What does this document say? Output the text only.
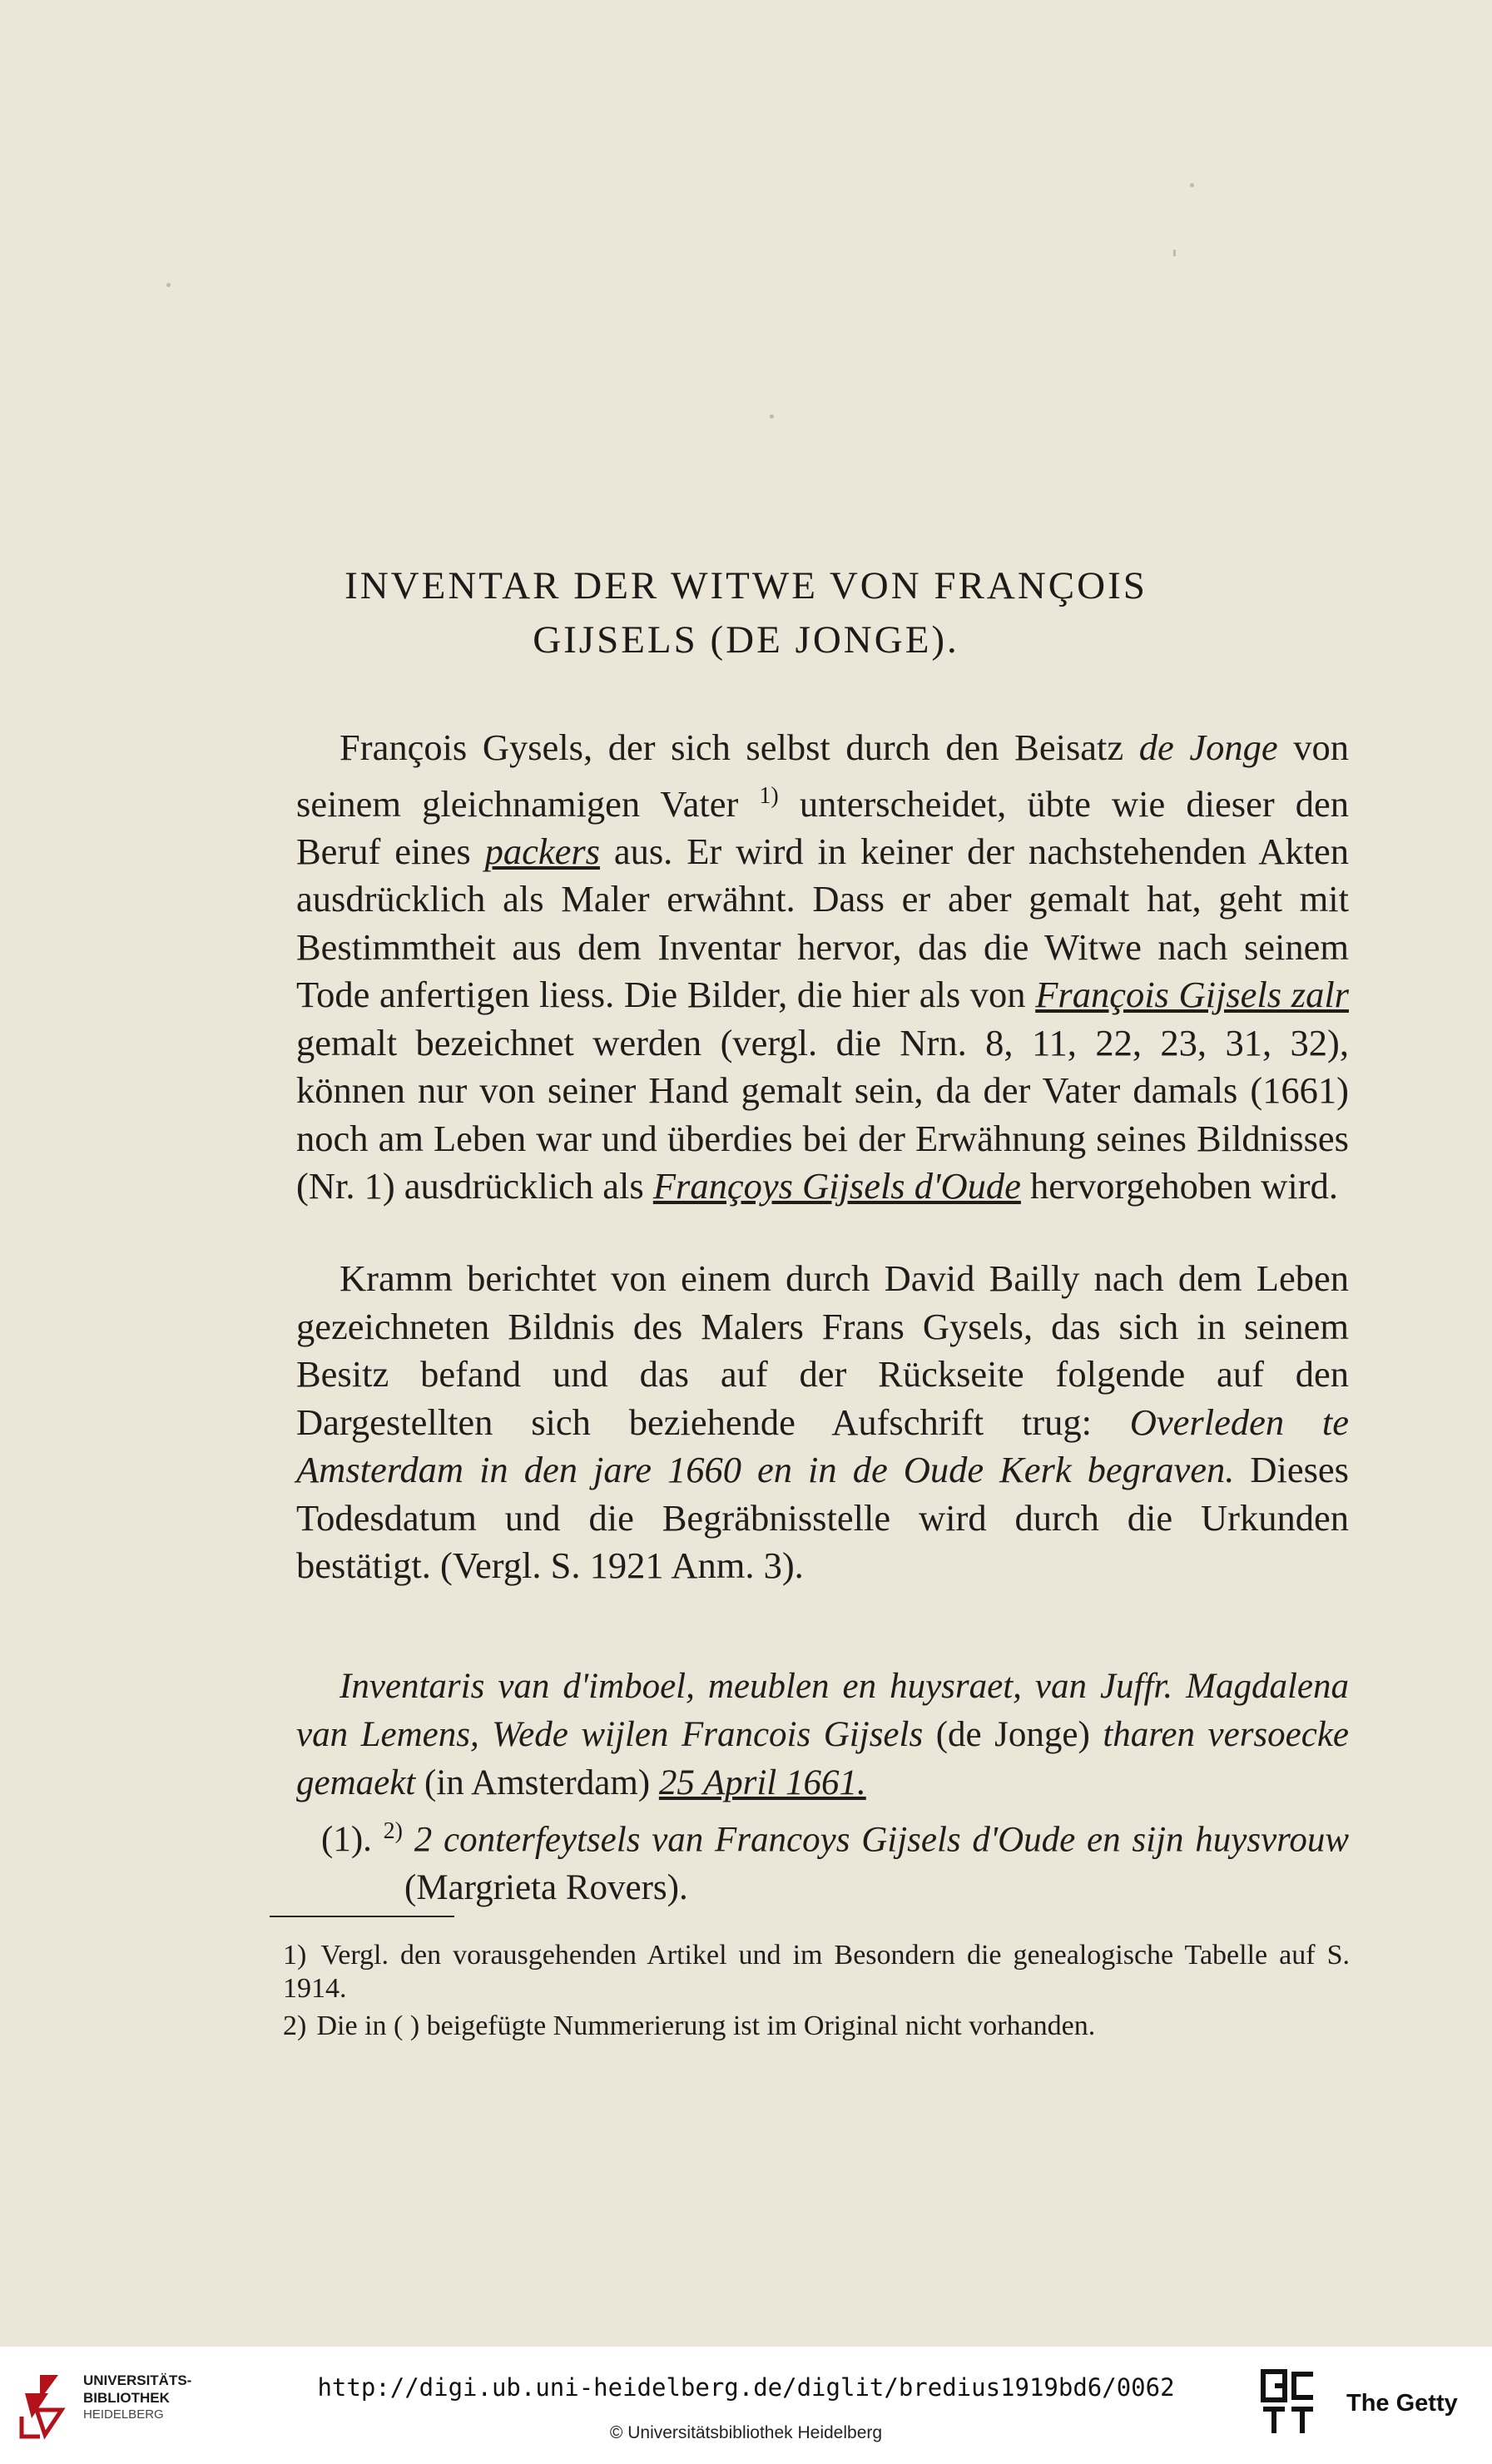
INVENTAR DER WITWE VON FRANÇOIS
GIJSELS (DE JONGE).

François Gysels, der sich selbst durch den Beisatz de Jonge von seinem gleichnamigen Vater $^{1)}$ unterscheidet, übte wie dieser den Beruf eines packers aus. Er wird in keiner der nachstehenden Akten ausdrücklich als Maler erwähnt. Dass er aber gemalt hat, geht mit Bestimmtheit aus dem Inventar hervor, das die Witwe nach seinem Tode anfertigen liess. Die Bilder, die hier als von François Gijsels zalr gemalt bezeichnet werden (vergl. die Nrn. 8, 11, 22, 23, 31, 32), können nur von seiner Hand gemalt sein, da der Vater damals (1661) noch am Leben war und überdies bei der Erwähnung seines Bildnisses (Nr. 1) ausdrücklich als Françoys Gijsels d'Oude hervorgehoben wird.

Kramm berichtet von einem durch David Bailly nach dem Leben gezeichneten Bildnis des Malers Frans Gysels, das sich in seinem Besitz befand und das auf der Rückseite folgende auf den Dargestellten sich beziehende Aufschrift trug: Overleden te Amsterdam in den jare 1660 en in de Oude Kerk begraven. Dieses Todesdatum und die Begräbnisstelle wird durch die Urkunden bestätigt. (Vergl. S. 1921 Anm. 3).

Inventaris van d'imboel, meublen en huysraet, van Juffr. Magdalena van Lemens, Wede wijlen Francois Gijsels (de Jonge) tharen versoecke gemaekt (in Amsterdam) 25 April 1661.

(1). $^{2)}$ 2 conterfeytsels van Francoys Gijsels d'Oude en sijn huysvrouw (Margrieta Rovers).

1) Vergl. den vorausgehenden Artikel und im Besondern die genealogische Tabelle auf S. 1914.
2) Die in ( ) beigefügte Nummerierung ist im Original nicht vorhanden.
UNIVERSITÄTS-
BIBLIOTHEK
HEIDELBERG
http://digi.ub.uni-heidelberg.de/diglit/bredius1919bd6/0062
© Universitätsbibliothek Heidelberg
The Getty
